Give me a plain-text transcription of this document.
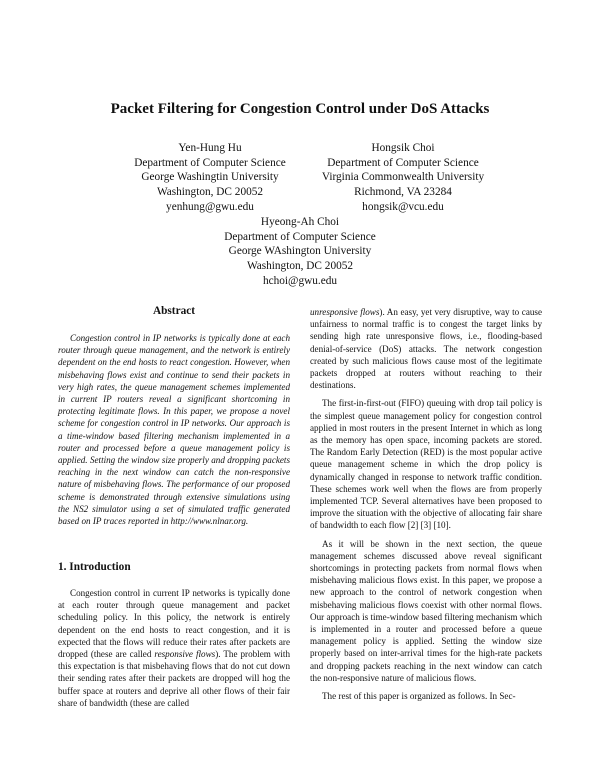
Packet Filtering for Congestion Control under DoS Attacks
Yen-Hung Hu
Department of Computer Science
George Washingtin University
Washington, DC 20052
yenhung@gwu.edu
Hongsik Choi
Department of Computer Science
Virginia Commonwealth University
Richmond, VA 23284
hongsik@vcu.edu
Hyeong-Ah Choi
Department of Computer Science
George WAshington University
Washington, DC 20052
hchoi@gwu.edu
Abstract

Congestion control in IP networks is typically done at each router through queue management, and the network is entirely dependent on the end hosts to react congestion. However, when misbehaving flows exist and continue to send their packets in very high rates, the queue management schemes implemented in current IP routers reveal a significant shortcoming in protecting legitimate flows. In this paper, we propose a novel scheme for congestion control in IP networks. Our approach is a time-window based filtering mechanism implemented in a router and processed before a queue management policy is applied. Setting the window size properly and dropping packets reaching in the next window can catch the non-responsive nature of misbehaving flows. The performance of our proposed scheme is demonstrated through extensive simulations using the NS2 simulator using a set of simulated traffic generated based on IP traces reported in http://www.nlnar.org.

1. Introduction

Congestion control in current IP networks is typically done at each router through queue management and packet scheduling policy. In this policy, the network is entirely dependent on the end hosts to react congestion, and it is expected that the flows will reduce their rates after packets are dropped (these are called responsive flows). The problem with this expectation is that misbehaving flows that do not cut down their sending rates after their packets are dropped will hog the buffer space at routers and deprive all other flows of their fair share of bandwidth (these are called

unresponsive flows). An easy, yet very disruptive, way to cause unfairness to normal traffic is to congest the target links by sending high rate unresponsive flows, i.e., flooding-based denial-of-service (DoS) attacks. The network congestion created by such malicious flows cause most of the legitimate packets dropped at routers without reaching to their destinations.

The first-in-first-out (FIFO) queuing with drop tail policy is the simplest queue management policy for congestion control applied in most routers in the present Internet in which as long as the memory has open space, incoming packets are stored. The Random Early Detection (RED) is the most popular active queue management scheme in which the drop policy is dynamically changed in response to network traffic condition. These schemes work well when the flows are from properly implemented TCP. Several alternatives have been proposed to improve the situation with the objective of allocating fair share of bandwidth to each flow [2] [3] [10].

As it will be shown in the next section, the queue management schemes discussed above reveal significant shortcomings in protecting packets from normal flows when misbehaving malicious flows exist. In this paper, we propose a new approach to the control of network congestion when misbehaving malicious flows coexist with other normal flows. Our approach is time-window based filtering mechanism which is implemented in a router and processed before a queue management policy is applied. Setting the window size properly based on inter-arrival times for the high-rate packets and dropping packets reaching in the next window can catch the non-responsive nature of malicious flows.

The rest of this paper is organized as follows. In Sec-
